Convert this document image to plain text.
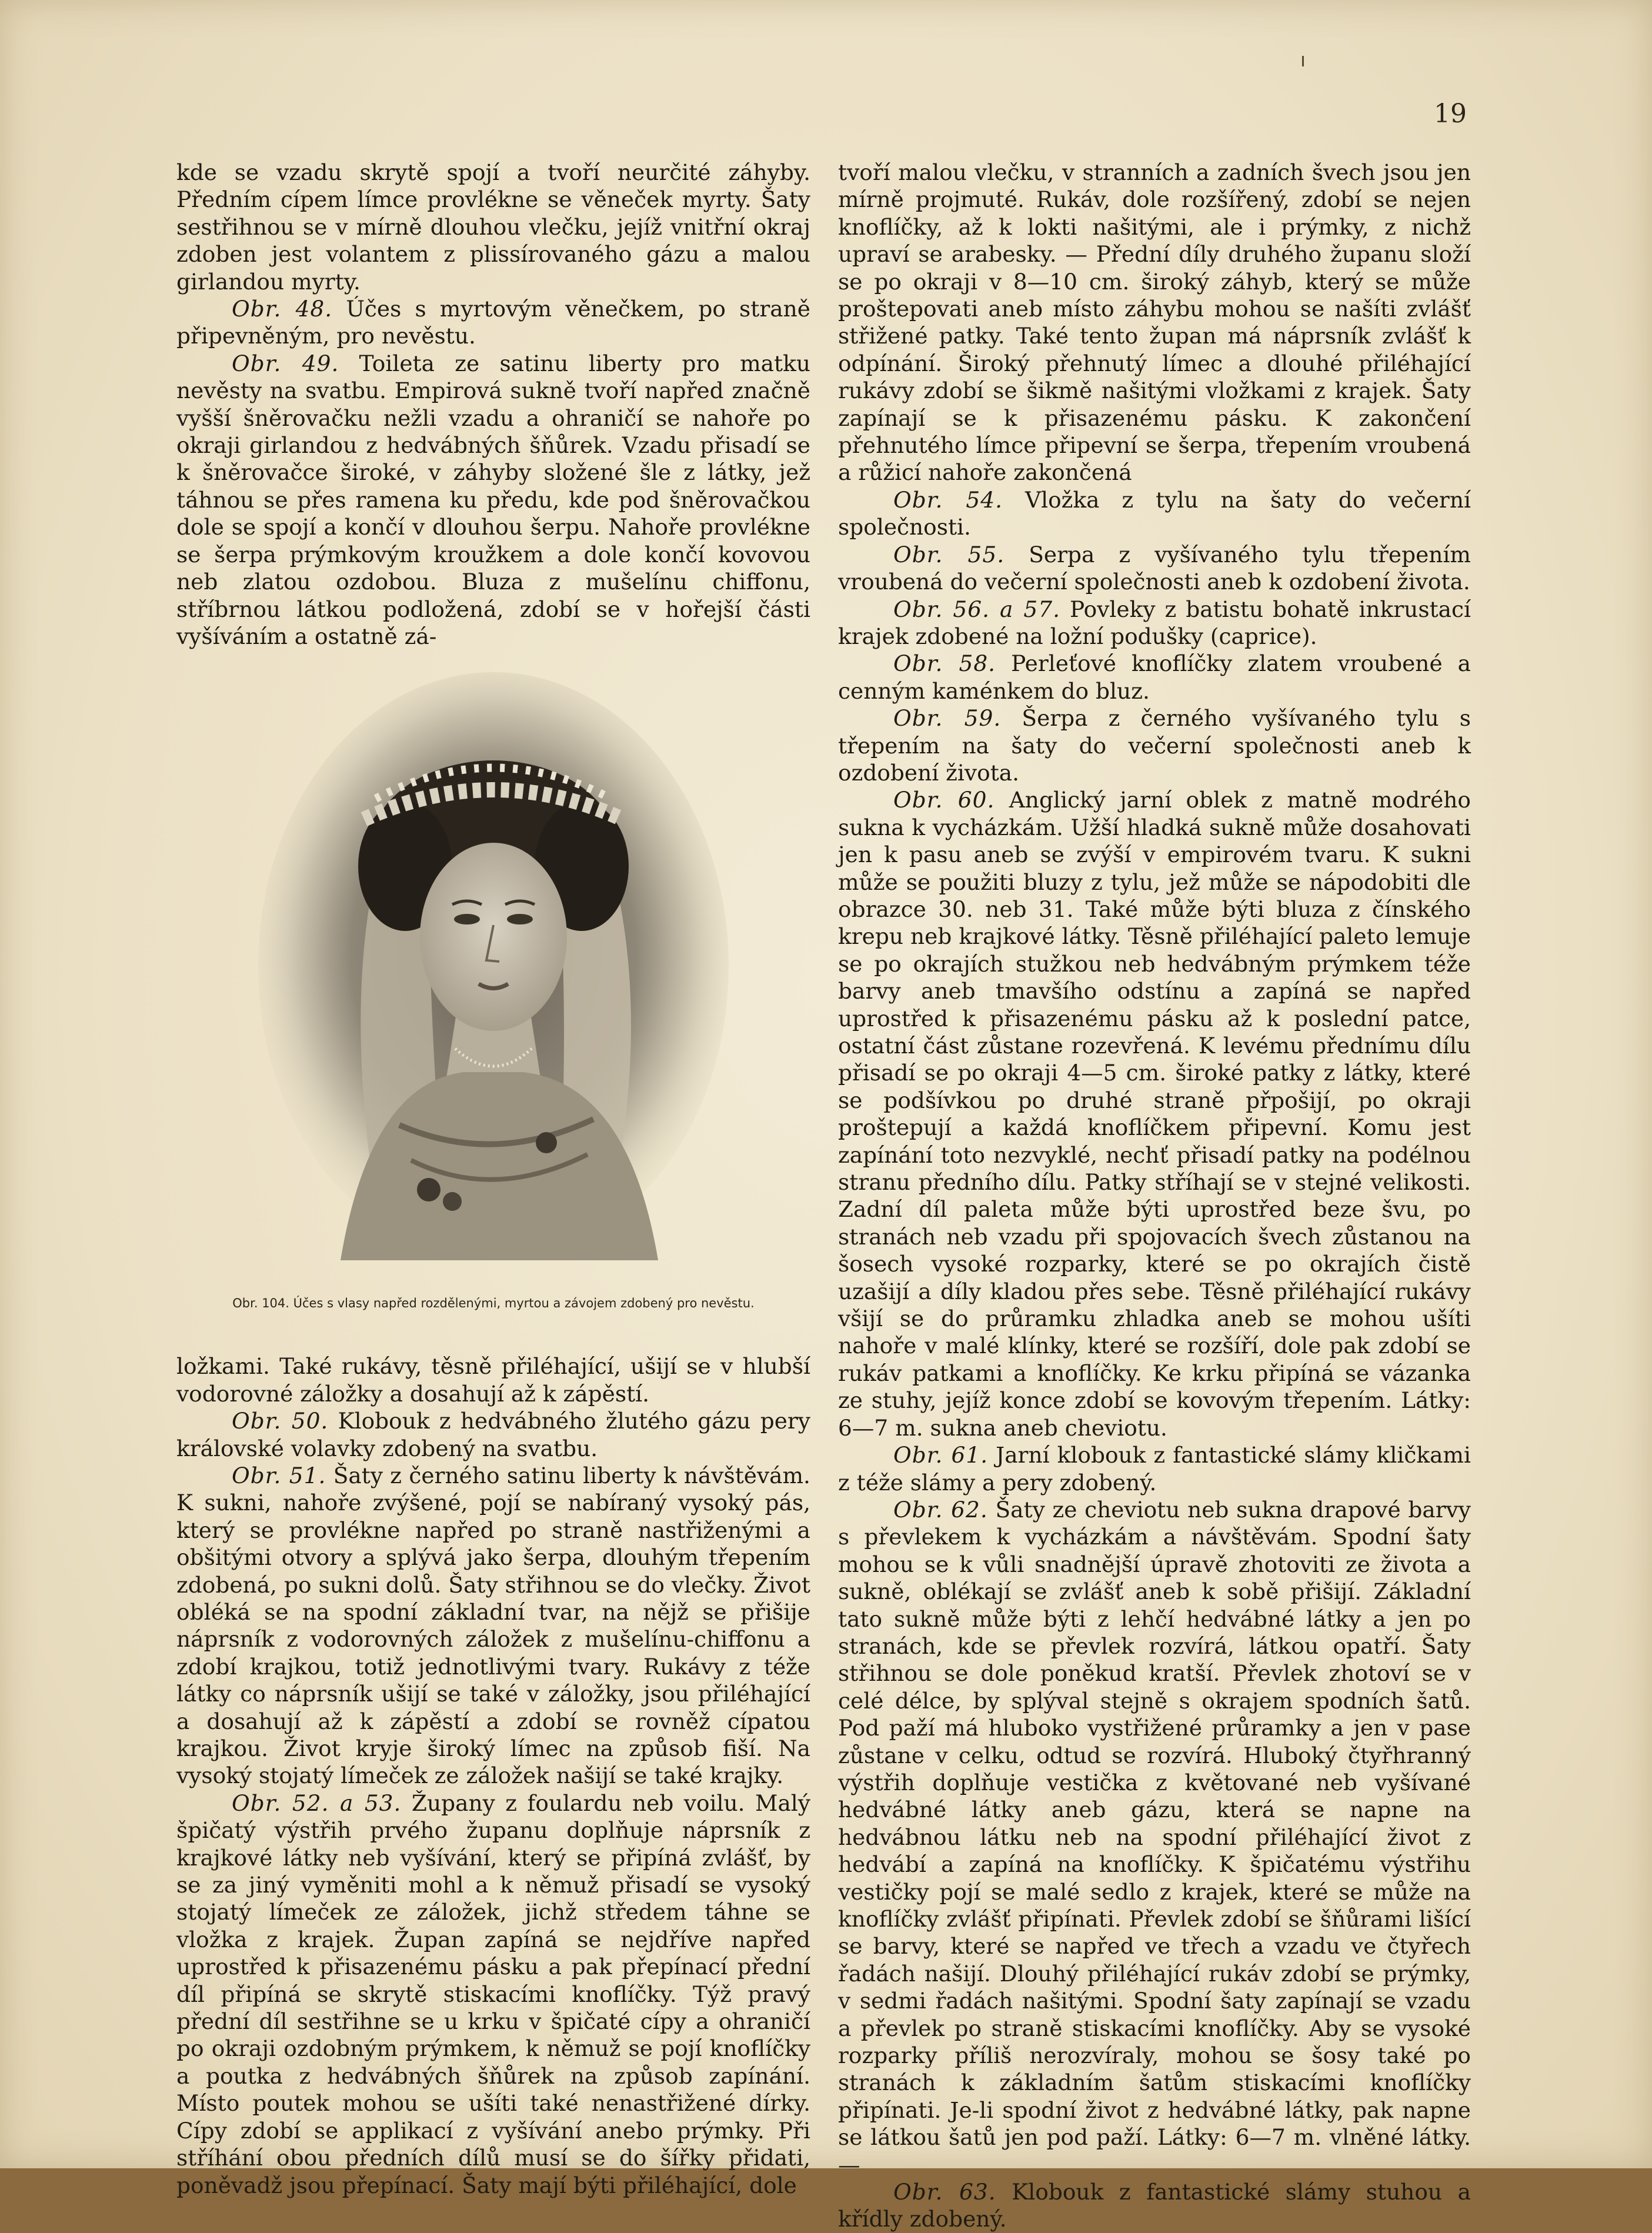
19

kde se vzadu skrytě spojí a tvoří neurčité záhyby. Předním cípem límce provlékne se věneček myrty. Šaty sestřihnou se v mírně dlouhou vlečku, jejíž vnitřní okraj zdoben jest volantem z plissírovaného gázu a malou girlandou myrty.

Obr. 48. Účes s myrtovým věnečkem, po straně připevněným, pro nevěstu.

Obr. 49. Toileta ze satinu liberty pro matku nevěsty na svatbu. Empirová sukně tvoří napřed značně vyšší šněrovačku nežli vzadu a ohraničí se nahoře po okraji girlandou z hedvábných šňůrek. Vzadu přisadí se k šněrovačce široké, v záhyby složené šle z látky, jež táhnou se přes ramena ku předu, kde pod šněrovačkou dole se spojí a končí v dlouhou šerpu. Nahoře provlékne se šerpa prýmkovým kroužkem a dole končí kovovou neb zlatou ozdobou. Bluza z mušelínu chiffonu, stříbrnou látkou podložená, zdobí se v hořejší části vyšíváním a ostatně zá-

Obr. 104. Účes s vlasy napřed rozdělenými, myrtou a závojem zdobený pro nevěstu.

ložkami. Také rukávy, těsně přiléhající, ušijí se v hlubší vodorovné záložky a dosahují až k zápěstí.

Obr. 50. Klobouk z hedvábného žlutého gázu pery královské volavky zdobený na svatbu.

Obr. 51. Šaty z černého satinu liberty k návštěvám. K sukni, nahoře zvýšené, pojí se nabíraný vysoký pás, který se provlékne napřed po straně nastřiženými a obšitými otvory a splývá jako šerpa, dlouhým třepením zdobená, po sukni dolů. Šaty střihnou se do vlečky. Život obléká se na spodní základní tvar, na nějž se přišije náprsník z vodorovných záložek z mušelínu-chiffonu a zdobí krajkou, totiž jednotlivými tvary. Rukávy z téže látky co náprsník ušijí se také v záložky, jsou přiléhající a dosahují až k zápěstí a zdobí se rovněž cípatou krajkou. Život kryje široký límec na způsob fiší. Na vysoký stojatý límeček ze záložek našijí se také krajky.

Obr. 52. a 53. Župany z foulardu neb voilu. Malý špičatý výstřih prvého županu doplňuje náprsník z krajkové látky neb vyšívání, který se připíná zvlášť, by se za jiný vyměniti mohl a k němuž přisadí se vysoký stojatý límeček ze záložek, jichž středem táhne se vložka z krajek. Župan zapíná se nejdříve napřed uprostřed k přisazenému pásku a pak přepínací přední díl připíná se skrytě stiskacími knoflíčky. Týž pravý přední díl sestřihne se u krku v špičaté cípy a ohraničí po okraji ozdobným prýmkem, k němuž se pojí knoflíčky a poutka z hedvábných šňůrek na způsob zapínání. Místo poutek mohou se ušíti také nenastřižené dírky. Cípy zdobí se applikací z vyšívání anebo prýmky. Při stříhání obou předních dílů musí se do šířky přidati, poněvadž jsou přepínací. Šaty mají býti přiléhající, dole

tvoří malou vlečku, v stranních a zadních švech jsou jen mírně projmuté. Rukáv, dole rozšířený, zdobí se nejen knoflíčky, až k lokti našitými, ale i prýmky, z nichž upraví se arabesky. — Přední díly druhého županu složí se po okraji v 8—10 cm. široký záhyb, který se může proštepovati aneb místo záhybu mohou se našíti zvlášť střižené patky. Také tento župan má náprsník zvlášť k odpínání. Široký přehnutý límec a dlouhé přiléhající rukávy zdobí se šikmě našitými vložkami z krajek. Šaty zapínají se k přisazenému pásku. K zakončení přehnutého límce připevní se šerpa, třepením vroubená a růžicí nahoře zakončená

Obr. 54. Vložka z tylu na šaty do večerní společnosti.

Obr. 55. Serpa z vyšívaného tylu třepením vroubená do večerní společnosti aneb k ozdobení života.

Obr. 56. a 57. Povleky z batistu bohatě inkrustací krajek zdobené na ložní podušky (caprice).

Obr. 58. Perleťové knoflíčky zlatem vroubené a cenným kaménkem do bluz.

Obr. 59. Šerpa z černého vyšívaného tylu s třepením na šaty do večerní společnosti aneb k ozdobení života.

Obr. 60. Anglický jarní oblek z matně modrého sukna k vycházkám. Užší hladká sukně může dosahovati jen k pasu aneb se zvýší v empirovém tvaru. K sukni může se použiti bluzy z tylu, jež může se nápodobiti dle obrazce 30. neb 31. Také může býti bluza z čínského krepu neb krajkové látky. Těsně přiléhající paleto lemuje se po okrajích stužkou neb hedvábným prýmkem téže barvy aneb tmavšího odstínu a zapíná se napřed uprostřed k přisazenému pásku až k poslední patce, ostatní část zůstane rozevřená. K levému přednímu dílu přisadí se po okraji 4—5 cm. široké patky z látky, které se podšívkou po druhé straně přpošijí, po okraji proštepují a každá knoflíčkem připevní. Komu jest zapínání toto nezvyklé, nechť přisadí patky na podélnou stranu předního dílu. Patky stříhají se v stejné velikosti. Zadní díl paleta může býti uprostřed beze švu, po stranách neb vzadu při spojovacích švech zůstanou na šosech vysoké rozparky, které se po okrajích čistě uzašijí a díly kladou přes sebe. Těsně přiléhající rukávy všijí se do průramku zhladka aneb se mohou ušíti nahoře v malé klínky, které se rozšíří, dole pak zdobí se rukáv patkami a knoflíčky. Ke krku připíná se vázanka ze stuhy, jejíž konce zdobí se kovovým třepením. Látky: 6—7 m. sukna aneb cheviotu.

Obr. 61. Jarní klobouk z fantastické slámy kličkami z téže slámy a pery zdobený.

Obr. 62. Šaty ze cheviotu neb sukna drapové barvy s převlekem k vycházkám a návštěvám. Spodní šaty mohou se k vůli snadnější úpravě zhotoviti ze života a sukně, oblékají se zvlášť aneb k sobě přišijí. Základní tato sukně může býti z lehčí hedvábné látky a jen po stranách, kde se převlek rozvírá, látkou opatří. Šaty střihnou se dole poněkud kratší. Převlek zhotoví se v celé délce, by splýval stejně s okrajem spodních šatů. Pod paží má hluboko vystřižené průramky a jen v pase zůstane v celku, odtud se rozvírá. Hluboký čtyřhranný výstřih doplňuje vestička z květované neb vyšívané hedvábné látky aneb gázu, která se napne na hedvábnou látku neb na spodní přiléhající život z hedvábí a zapíná na knoflíčky. K špičatému výstřihu vestičky pojí se malé sedlo z krajek, které se může na knoflíčky zvlášť připínati. Převlek zdobí se šňůrami lišící se barvy, které se napřed ve třech a vzadu ve čtyřech řadách našijí. Dlouhý přiléhající rukáv zdobí se prýmky, v sedmi řadách našitými. Spodní šaty zapínají se vzadu a převlek po straně stiskacími knoflíčky. Aby se vysoké rozparky příliš nerozvíraly, mohou se šosy také po stranách k základním šatům stiskacími knoflíčky připínati. Je-li spodní život z hedvábné látky, pak napne se látkou šatů jen pod paží. Látky: 6—7 m. vlněné látky. —

Obr. 63. Klobouk z fantastické slámy stuhou a křídly zdobený.
